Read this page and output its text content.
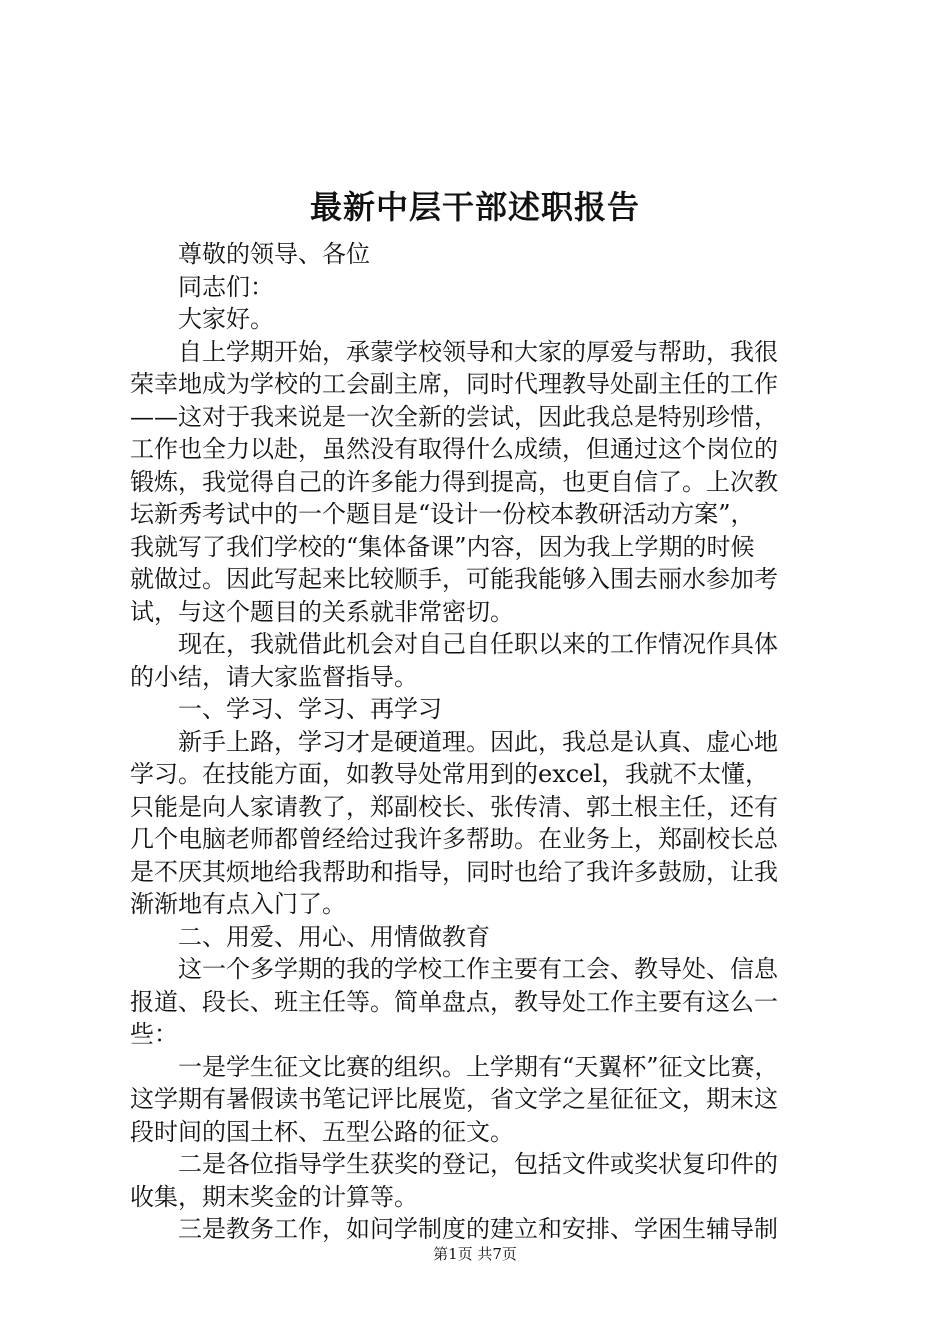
最新中层干部述职报告
　　尊敬的领导、各位
　　同志们：
　　大家好。
　　自上学期开始，承蒙学校领导和大家的厚爱与帮助，我很
荣幸地成为学校的工会副主席，同时代理教导处副主任的工作
——这对于我来说是一次全新的尝试，因此我总是特别珍惜，
工作也全力以赴，虽然没有取得什么成绩，但通过这个岗位的
锻炼，我觉得自己的许多能力得到提高，也更自信了。上次教
坛新秀考试中的一个题目是“设计一份校本教研活动方案”，
我就写了我们学校的“集体备课”内容，因为我上学期的时候
就做过。因此写起来比较顺手，可能我能够入围去丽水参加考
试，与这个题目的关系就非常密切。
　　现在，我就借此机会对自己自任职以来的工作情况作具体
的小结，请大家监督指导。
　　一、学习、学习、再学习
　　新手上路，学习才是硬道理。因此，我总是认真、虚心地
学习。在技能方面，如教导处常用到的excel，我就不太懂，
只能是向人家请教了，郑副校长、张传清、郭土根主任，还有
几个电脑老师都曾经给过我许多帮助。在业务上，郑副校长总
是不厌其烦地给我帮助和指导，同时也给了我许多鼓励，让我
渐渐地有点入门了。
　　二、用爱、用心、用情做教育
　　这一个多学期的我的学校工作主要有工会、教导处、信息
报道、段长、班主任等。简单盘点，教导处工作主要有这么一
些：
　　一是学生征文比赛的组织。上学期有“天翼杯”征文比赛，
这学期有暑假读书笔记评比展览，省文学之星征征文，期末这
段时间的国土杯、五型公路的征文。
　　二是各位指导学生获奖的登记，包括文件或奖状复印件的
收集，期末奖金的计算等。
　　三是教务工作，如问学制度的建立和安排、学困生辅导制
第1页 共7页
